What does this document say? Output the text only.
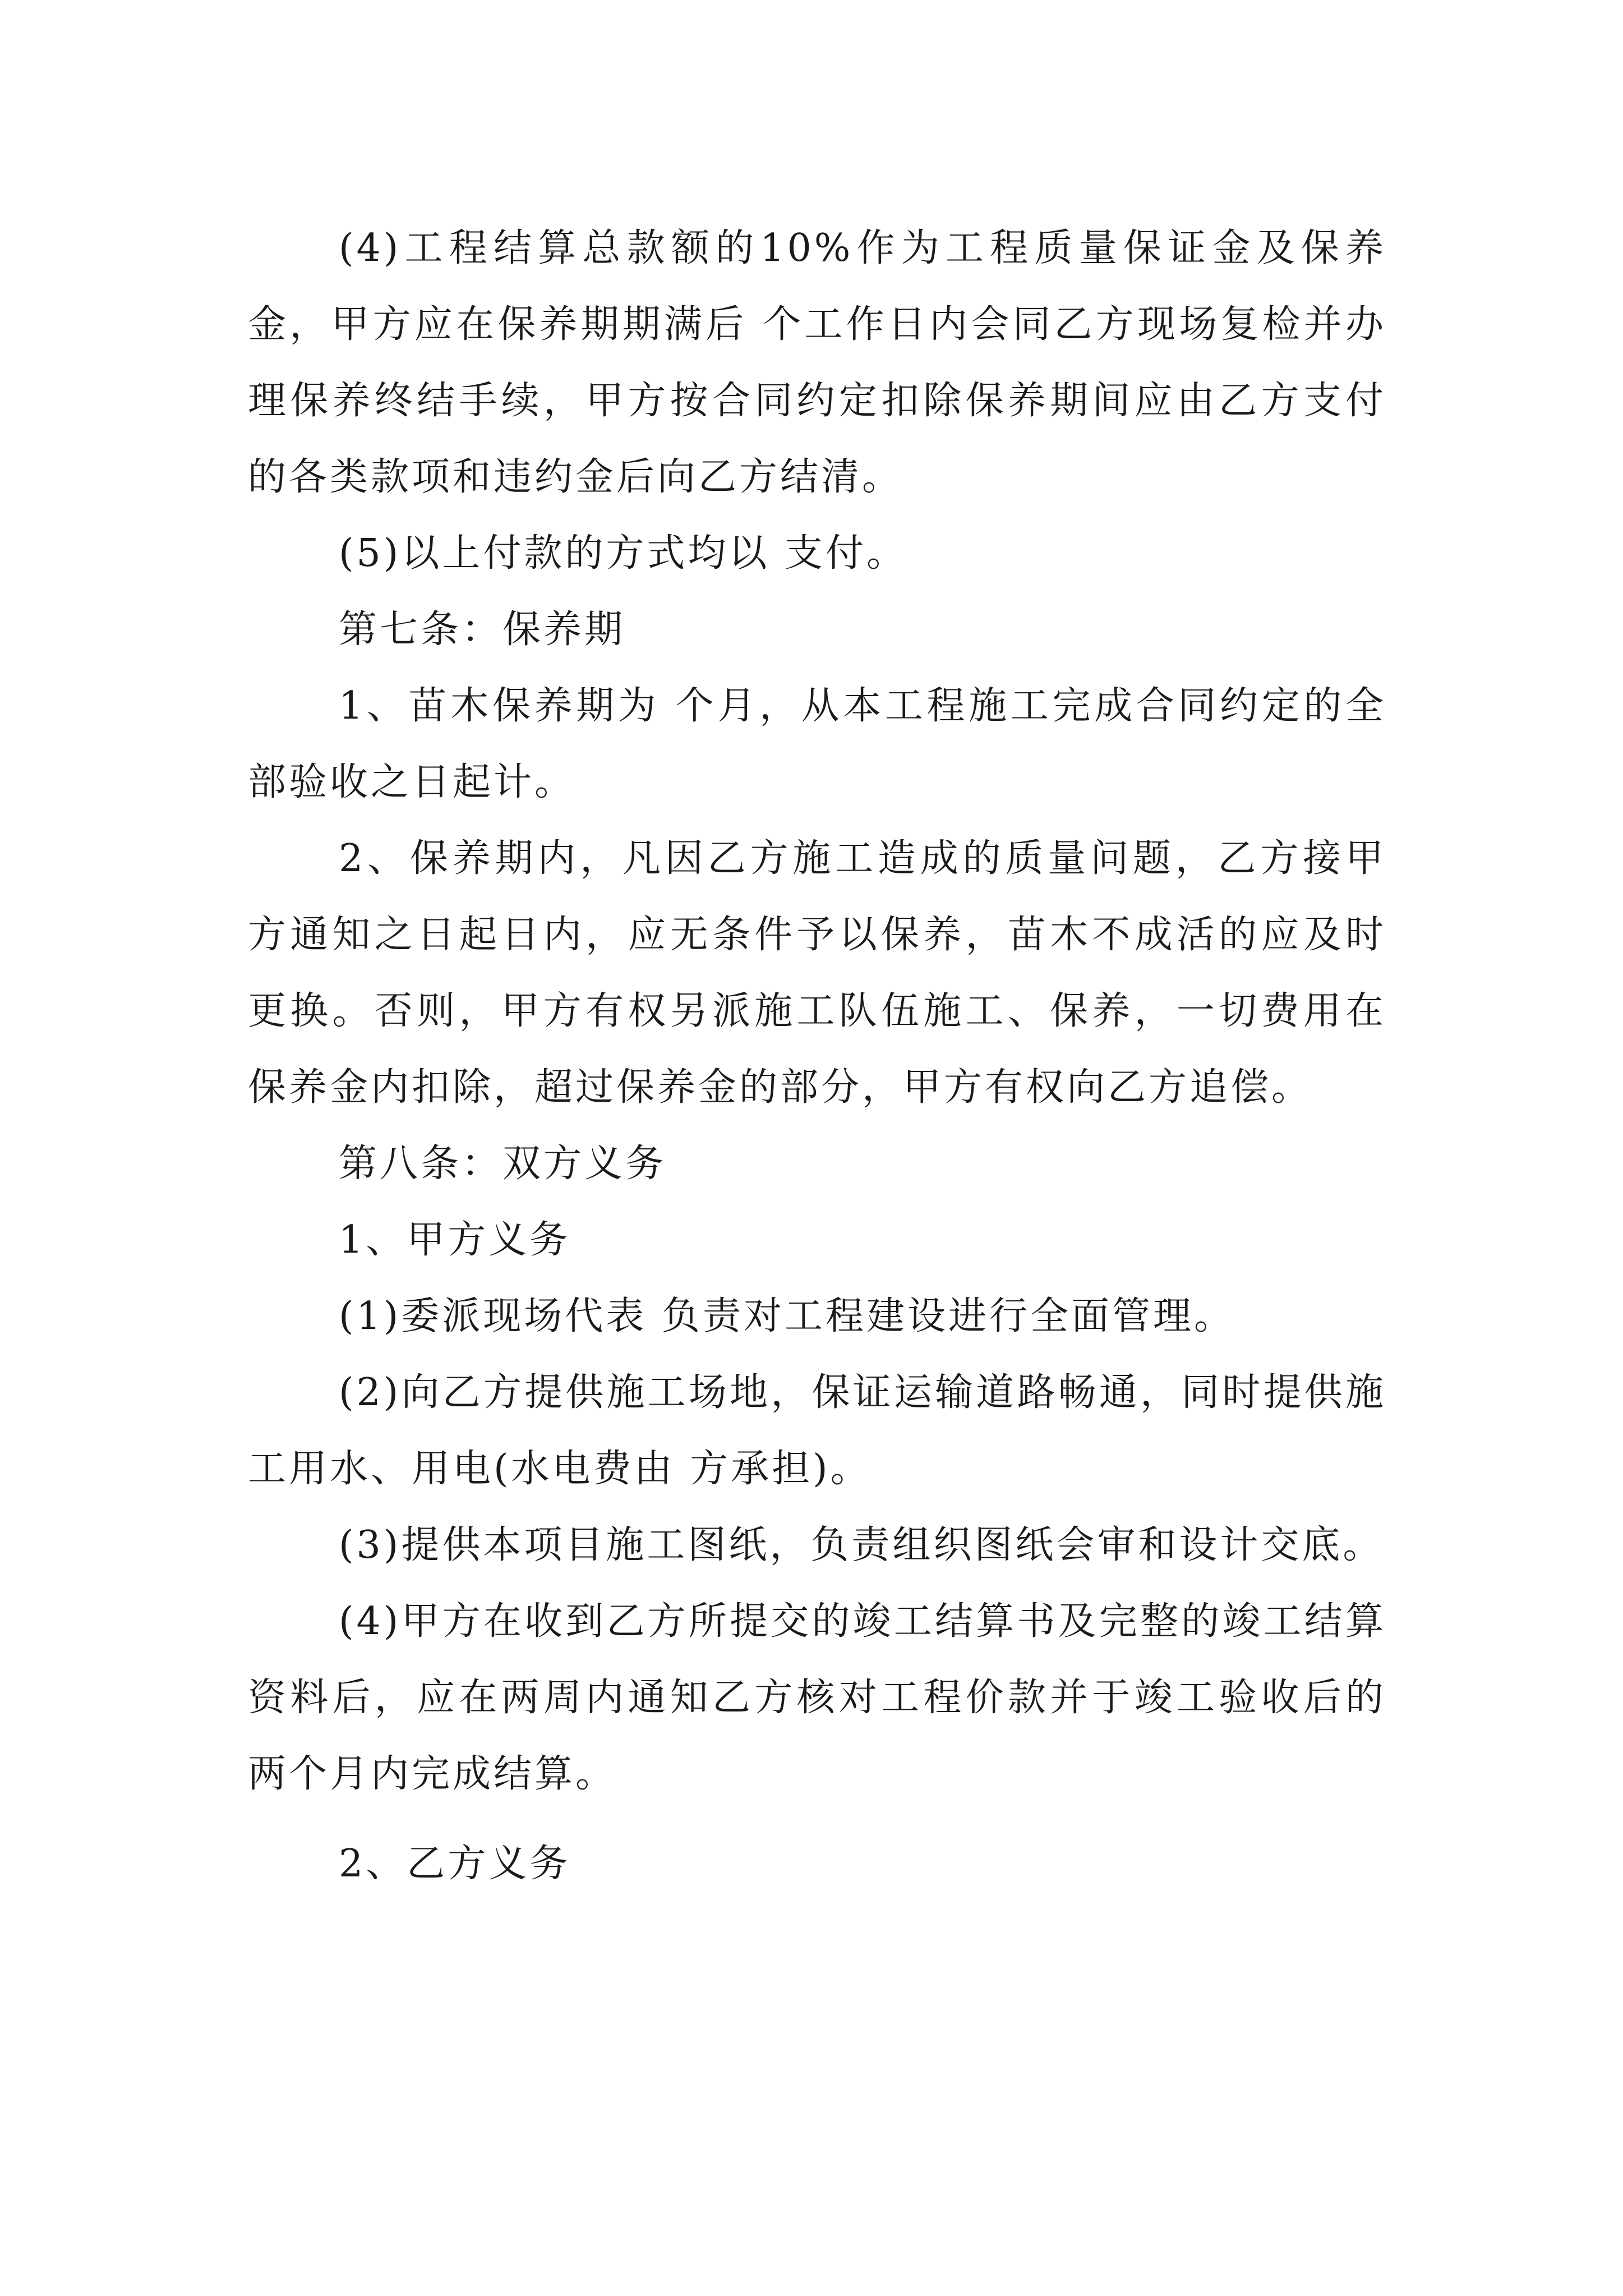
(4)工程结算总款额的10%作为工程质量保证金及保养金，甲方应在保养期期满后 个工作日内会同乙方现场复检并办理保养终结手续，甲方按合同约定扣除保养期间应由乙方支付的各类款项和违约金后向乙方结清。

(5)以上付款的方式均以 支付。

第七条：保养期

1、苗木保养期为 个月，从本工程施工完成合同约定的全部验收之日起计。

2、保养期内，凡因乙方施工造成的质量问题，乙方接甲方通知之日起日内，应无条件予以保养，苗木不成活的应及时更换。否则，甲方有权另派施工队伍施工、保养，一切费用在保养金内扣除，超过保养金的部分，甲方有权向乙方追偿。

第八条：双方义务

1、甲方义务

(1)委派现场代表 负责对工程建设进行全面管理。

(2)向乙方提供施工场地，保证运输道路畅通，同时提供施工用水、用电(水电费由 方承担)。

(3)提供本项目施工图纸，负责组织图纸会审和设计交底。

(4)甲方在收到乙方所提交的竣工结算书及完整的竣工结算资料后，应在两周内通知乙方核对工程价款并于竣工验收后的两个月内完成结算。

2、乙方义务
